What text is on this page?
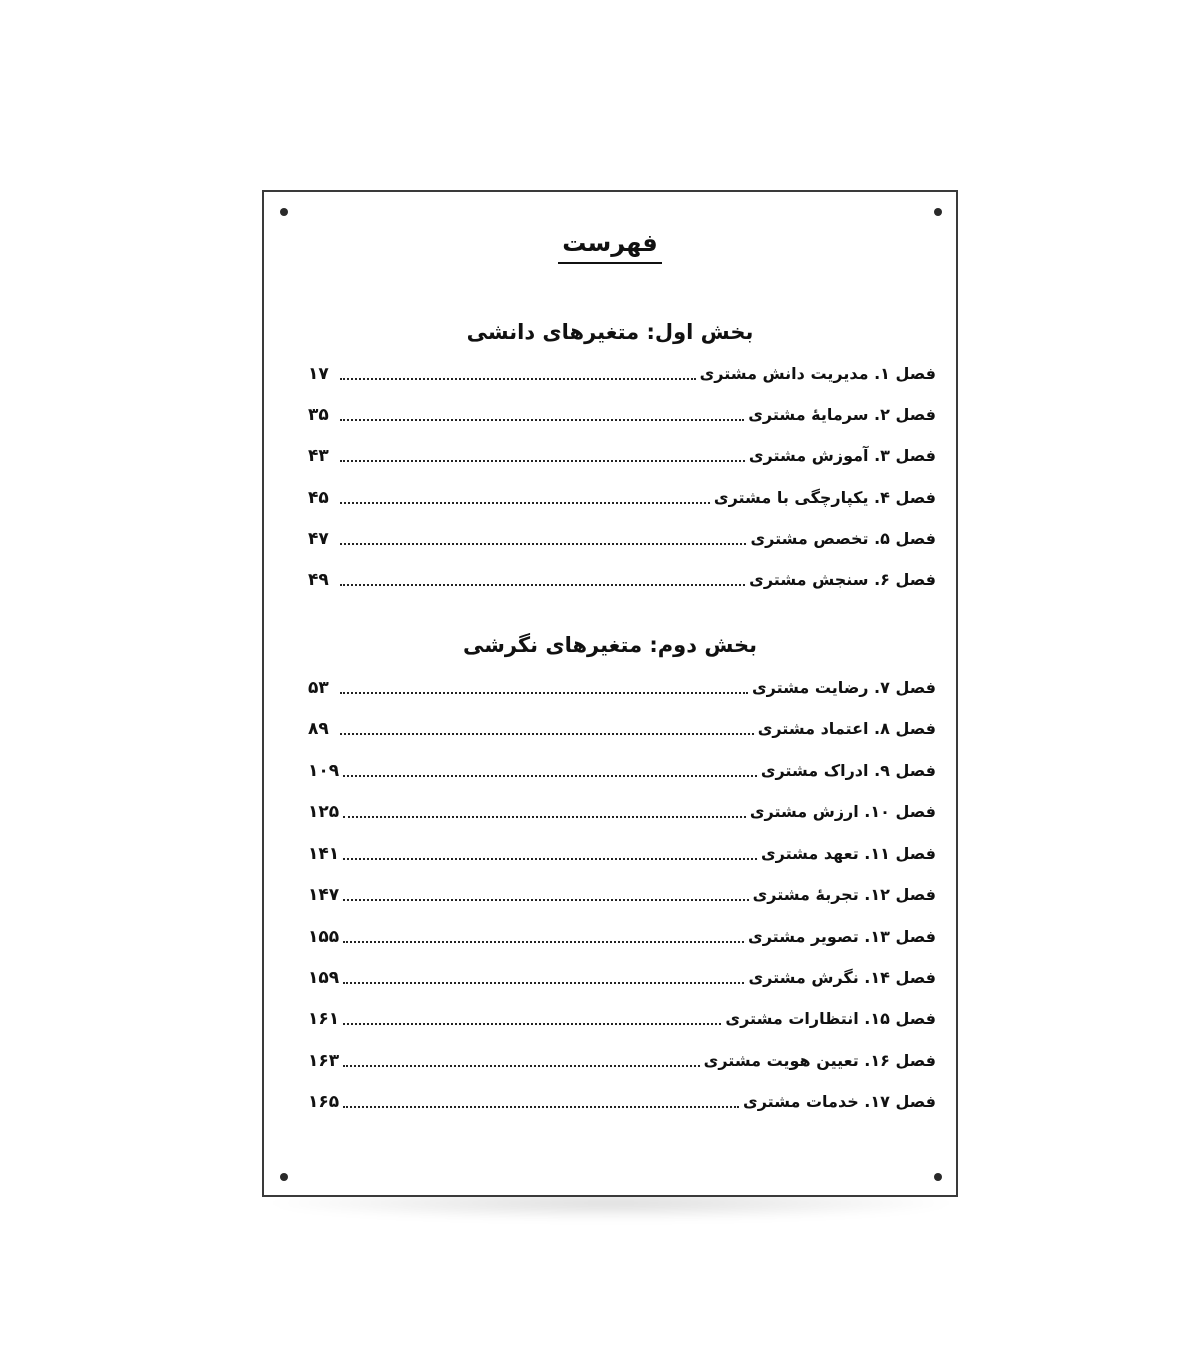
فهرست
بخش اول: متغیرهای دانشی
فصل ۱. مدیریت دانش مشتری
۱۷
فصل ۲. سرمایهٔ مشتری
۳۵
فصل ۳. آموزش مشتری
۴۳
فصل ۴. یکپارچگی با مشتری
۴۵
فصل ۵. تخصص مشتری
۴۷
فصل ۶. سنجش مشتری
۴۹
بخش دوم: متغیرهای نگرشی
فصل ۷. رضایت مشتری
۵۳
فصل ۸. اعتماد مشتری
۸۹
فصل ۹. ادراک مشتری
۱۰۹
فصل ۱۰. ارزش مشتری
۱۲۵
فصل ۱۱. تعهد مشتری
۱۴۱
فصل ۱۲. تجربهٔ مشتری
۱۴۷
فصل ۱۳. تصویر مشتری
۱۵۵
فصل ۱۴. نگرش مشتری
۱۵۹
فصل ۱۵. انتظارات مشتری
۱۶۱
فصل ۱۶. تعیین هویت مشتری
۱۶۳
فصل ۱۷. خدمات مشتری
۱۶۵
